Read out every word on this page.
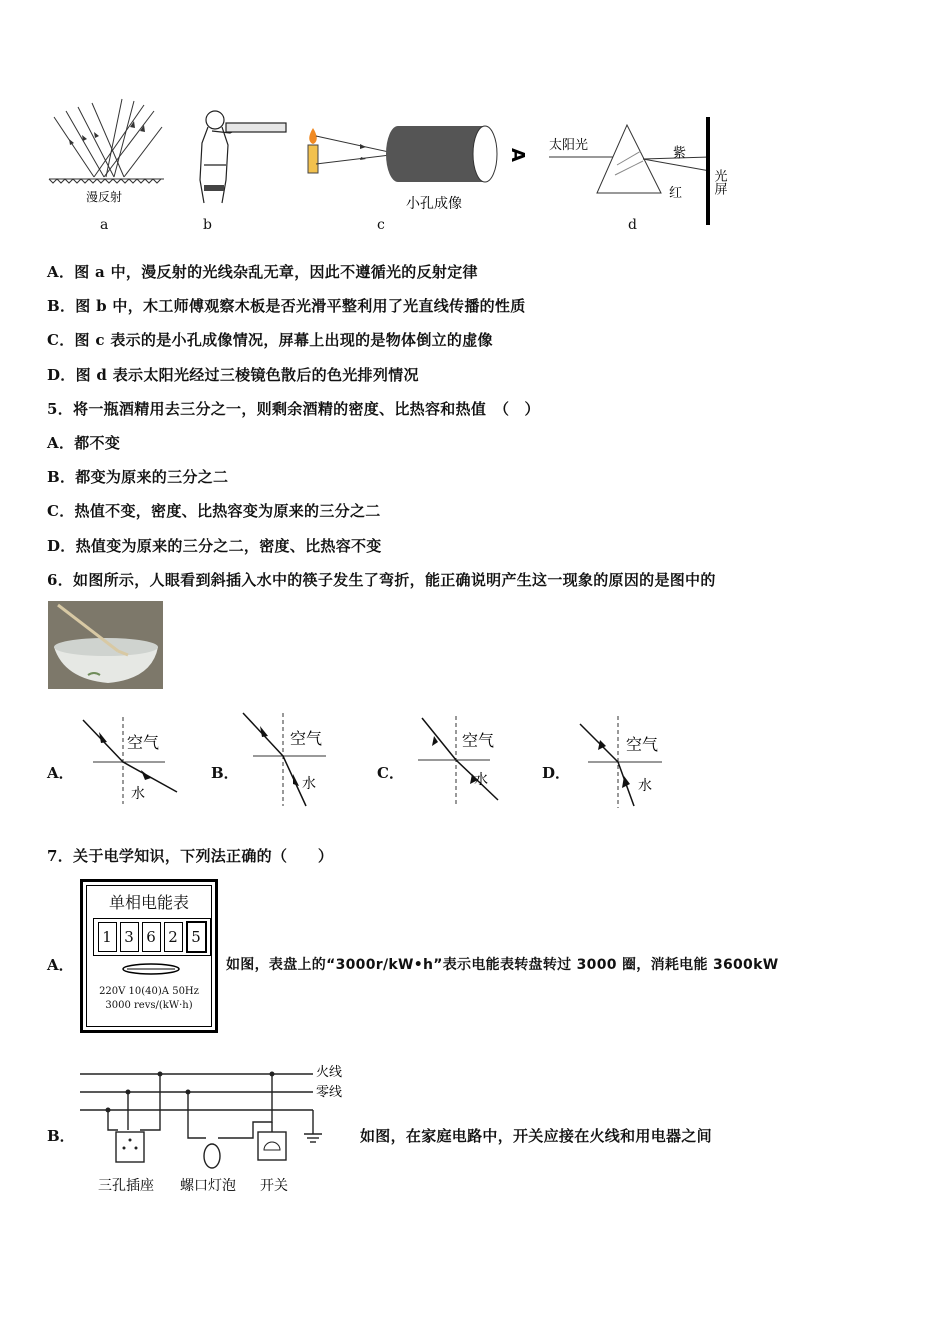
漫反射
a	b
小孔成像
A
c
太阳光
紫
红 光屏
d
A．图 a 中，漫反射的光线杂乱无章，因此不遵循光的反射定律
B．图 b 中，木工师傅观察木板是否光滑平整利用了光直线传播的性质
C．图 c 表示的是小孔成像情况，屏幕上出现的是物体倒立的虚像
D．图 d 表示太阳光经过三棱镜色散后的色光排列情况
5．将一瓶酒精用去三分之一，则剩余酒精的密度、比热容和热值　（　）
A．都不变
B．都变为原来的三分之二
C．热值不变，密度、比热容变为原来的三分之二
D．热值变为原来的三分之二，密度、比热容不变
6．如图所示，人眼看到斜插入水中的筷子发生了弯折，能正确说明产生这一现象的原因的是图中的
A．	B．	C．	D．
空气
水
空气
水
空气
水
空气
水
7．关于电学知识，下列法正确的（　　）
A．
单相电能表
1 3 6 2 5
220V 10(40)A 50Hz
3000 revs/(kW·h)
如图，表盘上的“3000r/kW•h”表示电能表转盘转过 3000 圈，消耗电能 3600kW
B．
火线
零线
三孔插座 螺口灯泡 开关
如图，在家庭电路中，开关应接在火线和用电器之间
